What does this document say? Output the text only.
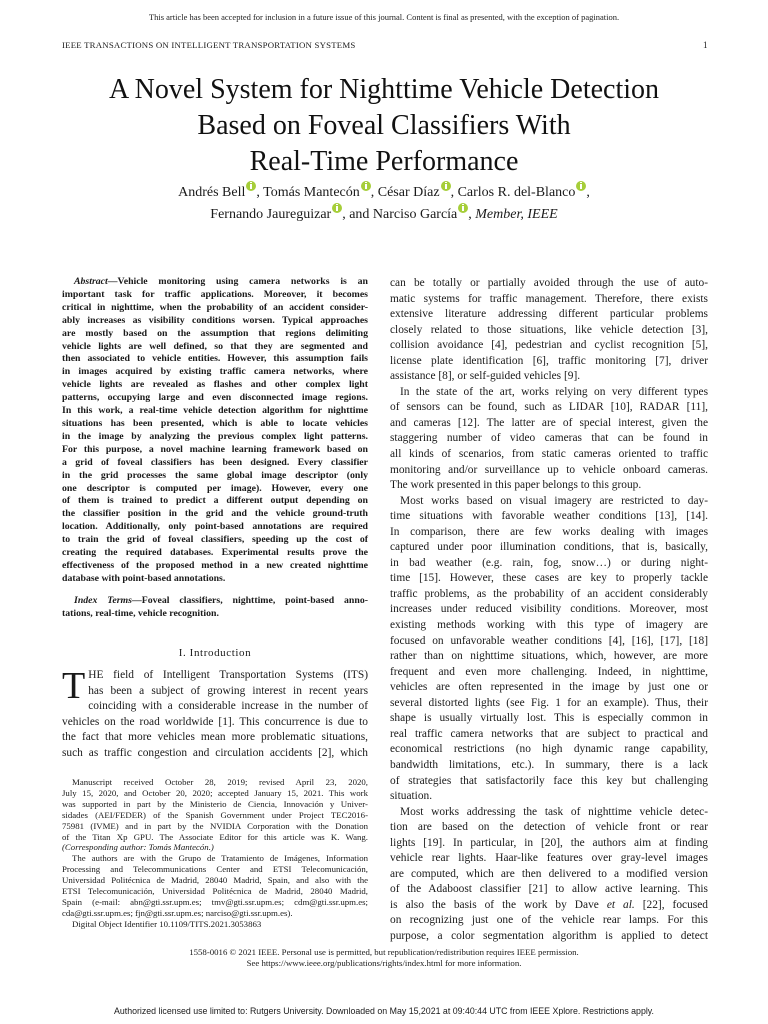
This article has been accepted for inclusion in a future issue of this journal. Content is final as presented, with the exception of pagination.
IEEE TRANSACTIONS ON INTELLIGENT TRANSPORTATION SYSTEMS	1
A Novel System for Nighttime Vehicle Detection
Based on Foveal Classifiers With
Real-Time Performance
Andrés Bell , Tomás Mantecón , César Díaz , Carlos R. del-Blanco ,
Fernando Jaureguizar , and Narciso García , Member, IEEE
Abstract—Vehicle monitoring using camera networks is an
important task for traffic applications. Moreover, it becomes
critical in nighttime, when the probability of an accident consider-
ably increases as visibility conditions worsen. Typical approaches
are mostly based on the assumption that regions delimiting
vehicle lights are well defined, so that they are segmented and
then associated to vehicle entities. However, this assumption fails
in images acquired by existing traffic camera networks, where
vehicle lights are revealed as flashes and other complex light
patterns, occupying large and even disconnected image regions.
In this work, a real-time vehicle detection algorithm for nighttime
situations has been presented, which is able to locate vehicles
in the image by analyzing the previous complex light patterns.
For this purpose, a novel machine learning framework based on
a grid of foveal classifiers has been designed. Every classifier
in the grid processes the same global image descriptor (only
one descriptor is computed per image). However, every one
of them is trained to predict a different output depending on
the classifier position in the grid and the vehicle ground-truth
location. Additionally, only point-based annotations are required
to train the grid of foveal classifiers, speeding up the cost of
creating the required databases. Experimental results prove the
effectiveness of the proposed method in a new created nighttime
database with point-based annotations.
Index Terms—Foveal classifiers, nighttime, point-based anno-
tations, real-time, vehicle recognition.
I. Introduction
T HE field of Intelligent Transportation Systems (ITS)
has been a subject of growing interest in recent years
coinciding with a considerable increase in the number of
vehicles on the road worldwide [1]. This concurrence is due to
the fact that more vehicles mean more problematic situations,
such as traffic congestion and circulation accidents [2], which
Manuscript received October 28, 2019; revised April 23, 2020,
July 15, 2020, and October 20, 2020; accepted January 15, 2021. This work
was supported in part by the Ministerio de Ciencia, Innovación y Univer-
sidades (AEI/FEDER) of the Spanish Government under Project TEC2016-
75981 (IVME) and in part by the NVIDIA Corporation with the Donation
of the Titan Xp GPU. The Associate Editor for this article was K. Wang.
(Corresponding author: Tomás Mantecón.)
The authors are with the Grupo de Tratamiento de Imágenes, Information
Processing and Telecommunications Center and ETSI Telecomunicación,
Universidad Politécnica de Madrid, 28040 Madrid, Spain, and also with the
ETSI Telecomunicación, Universidad Politécnica de Madrid, 28040 Madrid,
Spain (e-mail: abn@gti.ssr.upm.es; tmv@gti.ssr.upm.es; cdm@gti.ssr.upm.es;
cda@gti.ssr.upm.es; fjn@gti.ssr.upm.es; narciso@gti.ssr.upm.es).
Digital Object Identifier 10.1109/TITS.2021.3053863
can be totally or partially avoided through the use of auto-
matic systems for traffic management. Therefore, there exists
extensive literature addressing different particular problems
closely related to those situations, like vehicle detection [3],
collision avoidance [4], pedestrian and cyclist recognition [5],
license plate identification [6], traffic monitoring [7], driver
assistance [8], or self-guided vehicles [9].
In the state of the art, works relying on very different types
of sensors can be found, such as LIDAR [10], RADAR [11],
and cameras [12]. The latter are of special interest, given the
staggering number of video cameras that can be found in
all kinds of scenarios, from static cameras oriented to traffic
monitoring and/or surveillance up to vehicle onboard cameras.
The work presented in this paper belongs to this group.
Most works based on visual imagery are restricted to day-
time situations with favorable weather conditions [13], [14].
In comparison, there are few works dealing with images
captured under poor illumination conditions, that is, basically,
in bad weather (e.g. rain, fog, snow…) or during night-
time [15]. However, these cases are key to properly tackle
traffic problems, as the probability of an accident considerably
increases under reduced visibility conditions. Moreover, most
existing methods working with this type of imagery are
focused on unfavorable weather conditions [4], [16], [17], [18]
rather than on nighttime situations, which, however, are more
frequent and even more challenging. Indeed, in nighttime,
vehicles are often represented in the image by just one or
several distorted lights (see Fig. 1 for an example). Thus, their
shape is usually virtually lost. This is especially common in
real traffic camera networks that are subject to practical and
economical restrictions (no high dynamic range capability,
bandwidth limitations, etc.). In summary, there is a lack
of strategies that satisfactorily face this key but challenging
situation.
Most works addressing the task of nighttime vehicle detec-
tion are based on the detection of vehicle front or rear
lights [19]. In particular, in [20], the authors aim at finding
vehicle rear lights. Haar-like features over gray-level images
are computed, which are then delivered to a modified version
of the Adaboost classifier [21] to allow active learning. This
is also the basis of the work by Dave et al. [22], focused
on recognizing just one of the vehicle rear lamps. For this
purpose, a color segmentation algorithm is applied to detect
1558-0016 © 2021 IEEE. Personal use is permitted, but republication/redistribution requires IEEE permission.
See https://www.ieee.org/publications/rights/index.html for more information.
Authorized licensed use limited to: Rutgers University. Downloaded on May 15,2021 at 09:40:44 UTC from IEEE Xplore. Restrictions apply.
